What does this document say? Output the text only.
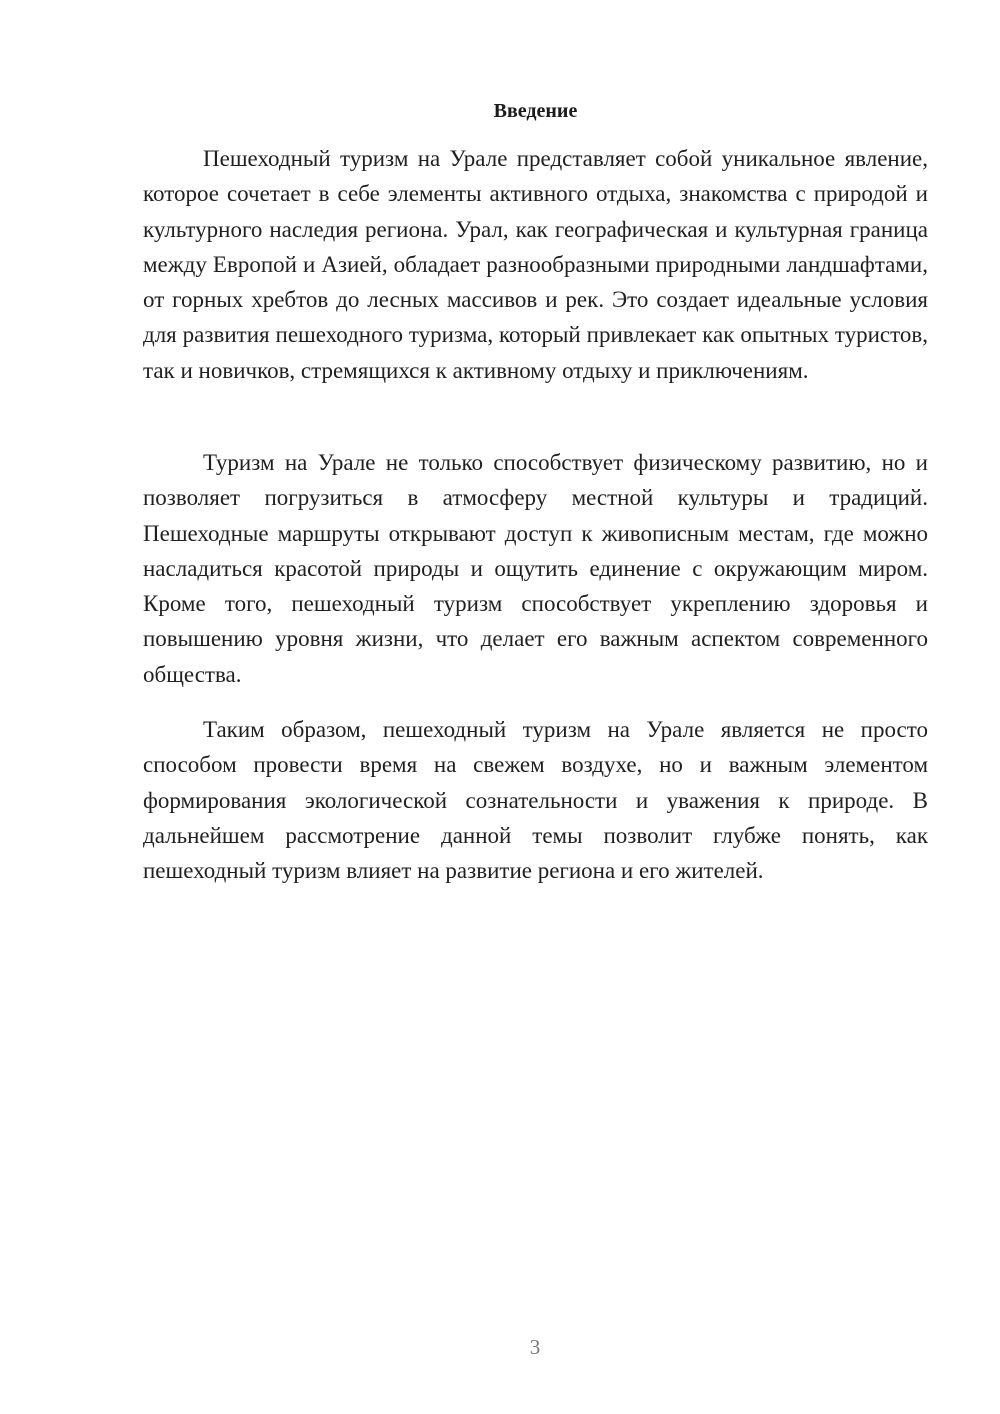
Введение

Пешеходный туризм на Урале представляет собой уникальное явление, которое сочетает в себе элементы активного отдыха, знакомства с природой и культурного наследия региона. Урал, как географическая и культурная граница между Европой и Азией, обладает разнообразными природными ландшафтами, от горных хребтов до лесных массивов и рек. Это создает идеальные условия для развития пешеходного туризма, который привлекает как опытных туристов, так и новичков, стремящихся к активному отдыху и приключениям.

Туризм на Урале не только способствует физическому развитию, но и позволяет погрузиться в атмосферу местной культуры и традиций. Пешеходные маршруты открывают доступ к живописным местам, где можно насладиться красотой природы и ощутить единение с окружающим миром. Кроме того, пешеходный туризм способствует укреплению здоровья и повышению уровня жизни, что делает его важным аспектом современного общества.

Таким образом, пешеходный туризм на Урале является не просто способом провести время на свежем воздухе, но и важным элементом формирования экологической сознательности и уважения к природе. В дальнейшем рассмотрение данной темы позволит глубже понять, как пешеходный туризм влияет на развитие региона и его жителей.

3
